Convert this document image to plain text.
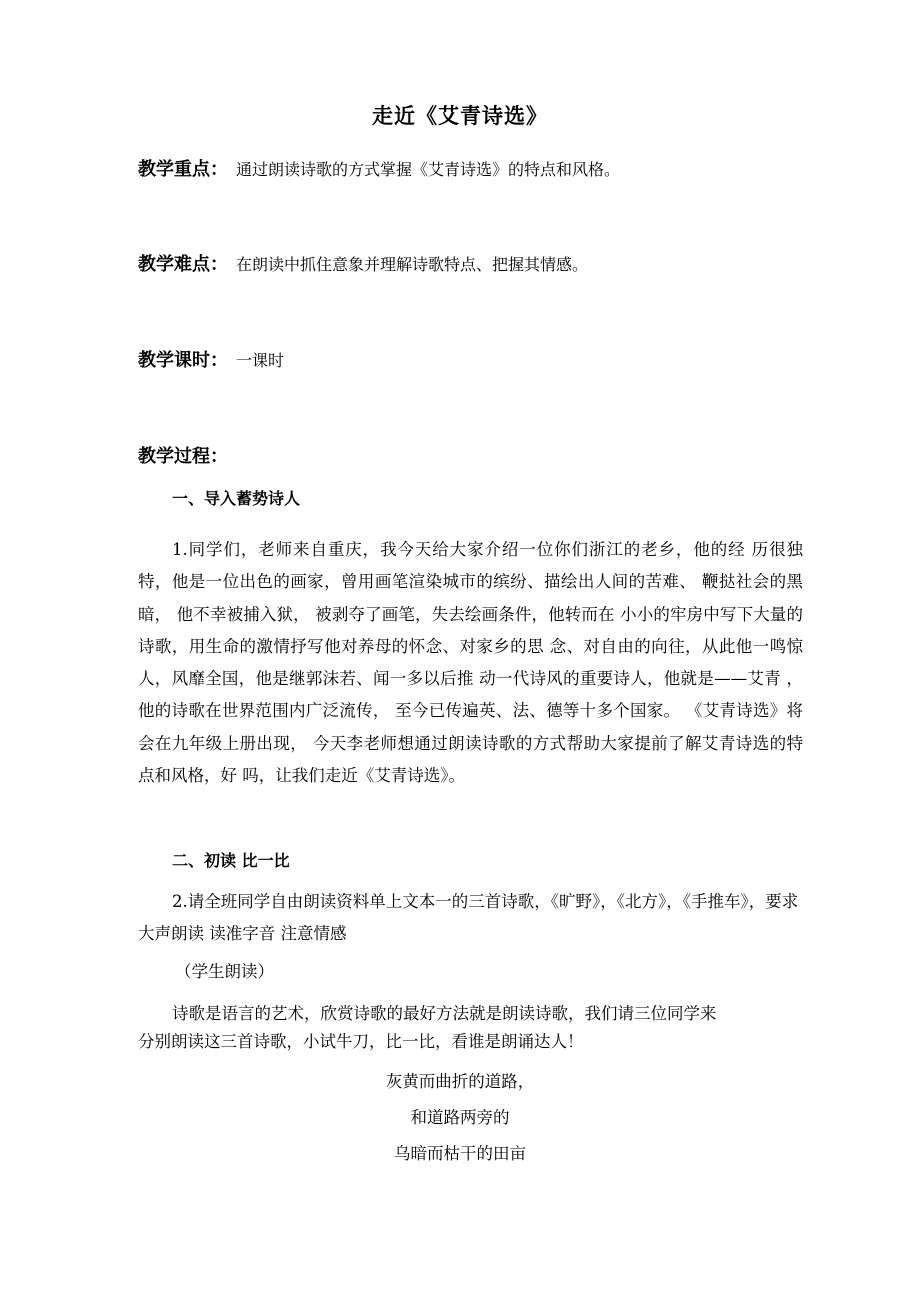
走近《艾青诗选》
教学重点： 通过朗读诗歌的方式掌握《艾青诗选》的特点和风格。
教学难点： 在朗读中抓住意象并理解诗歌特点、把握其情感。
教学课时： 一课时
教学过程：
一、导入蓄势诗人
1.同学们，老师来自重庆，我今天给大家介绍一位你们浙江的老乡，他的经 历很独特，他是一位出色的画家，曾用画笔渲染城市的缤纷、描绘出人间的苦难、 鞭挞社会的黑暗， 他不幸被捕入狱， 被剥夺了画笔，失去绘画条件，他转而在 小小的牢房中写下大量的诗歌，用生命的激情抒写他对养母的怀念、对家乡的思 念、对自由的向往，从此他一鸣惊人，风靡全国，他是继郭沫若、闻一多以后推 动一代诗风的重要诗人，他就是——艾青 ，他的诗歌在世界范围内广泛流传， 至今已传遍英、法、德等十多个国家。 《艾青诗选》将会在九年级上册出现， 今天李老师想通过朗读诗歌的方式帮助大家提前了解艾青诗选的特点和风格，好 吗，让我们走近《艾青诗选》。
二、初读 比一比
2.请全班同学自由朗读资料单上文本一的三首诗歌，《旷野》，《北方》，《手推车》，要求 大声朗读 读准字音 注意情感
（学生朗读）
诗歌是语言的艺术，欣赏诗歌的最好方法就是朗读诗歌，我们请三位同学来
分别朗读这三首诗歌，小试牛刀，比一比，看谁是朗诵达人！
灰黄而曲折的道路，
和道路两旁的
乌暗而枯干的田亩
